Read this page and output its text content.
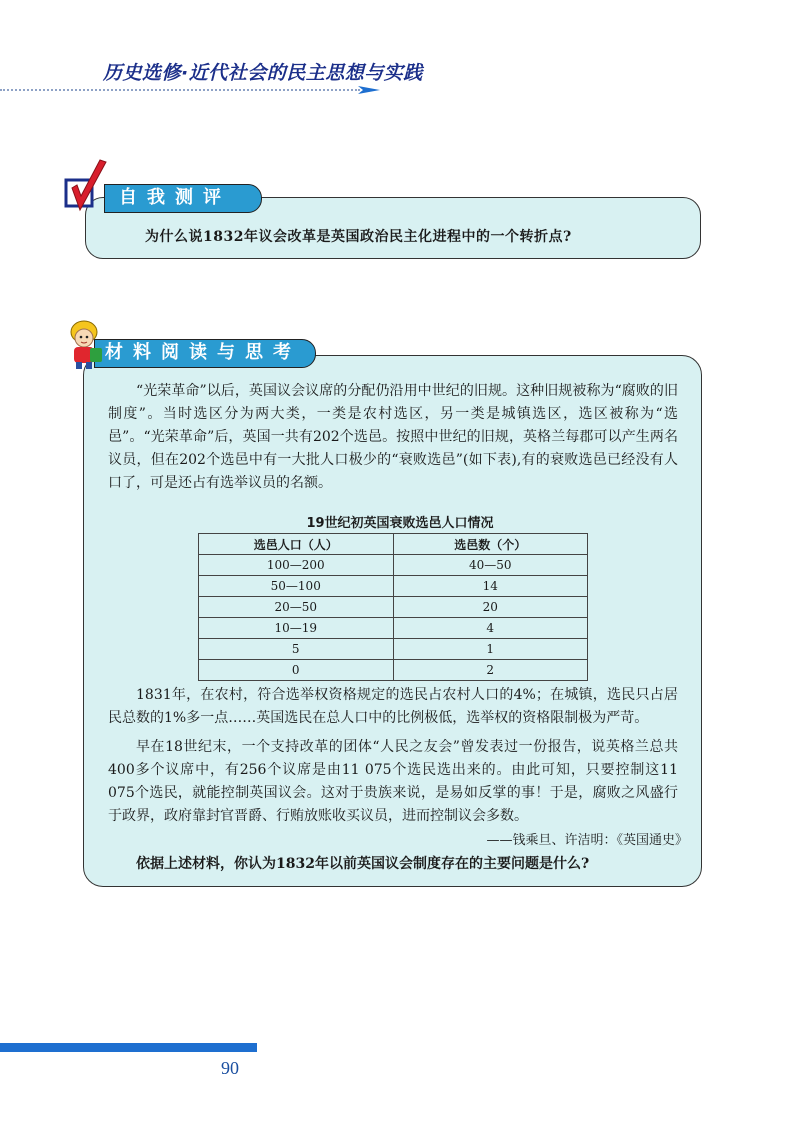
历史选修·近代社会的民主思想与实践
自我测评
为什么说1832年议会改革是英国政治民主化进程中的一个转折点?
材料阅读与思考

“光荣革命”以后，英国议会议席的分配仍沿用中世纪的旧规。这种旧规被称为“腐败的旧制度”。当时选区分为两大类，一类是农村选区，另一类是城镇选区，选区被称为“选邑”。“光荣革命”后，英国一共有202个选邑。按照中世纪的旧规，英格兰每郡可以产生两名议员，但在202个选邑中有一大批人口极少的“衰败选邑”(如下表),有的衰败选邑已经没有人口了，可是还占有选举议员的名额。

19世纪初英国衰败选邑人口情况
选邑人口（人）	选邑数（个）
100—200	40—50
50—100	14
20—50	20
10—19	4
5	1
0	2

1831年，在农村，符合选举权资格规定的选民占农村人口的4%；在城镇，选民只占居民总数的1%多一点……英国选民在总人口中的比例极低，选举权的资格限制极为严苛。

早在18世纪末，一个支持改革的团体“人民之友会”曾发表过一份报告，说英格兰总共400多个议席中，有256个议席是由11 075个选民选出来的。由此可知，只要控制这11 075个选民，就能控制英国议会。这对于贵族来说，是易如反掌的事！于是，腐败之风盛行于政界，政府靠封官晋爵、行贿放账收买议员，进而控制议会多数。

——钱乘旦、许洁明：《英国通史》
依据上述材料，你认为1832年以前英国议会制度存在的主要问题是什么?
90
